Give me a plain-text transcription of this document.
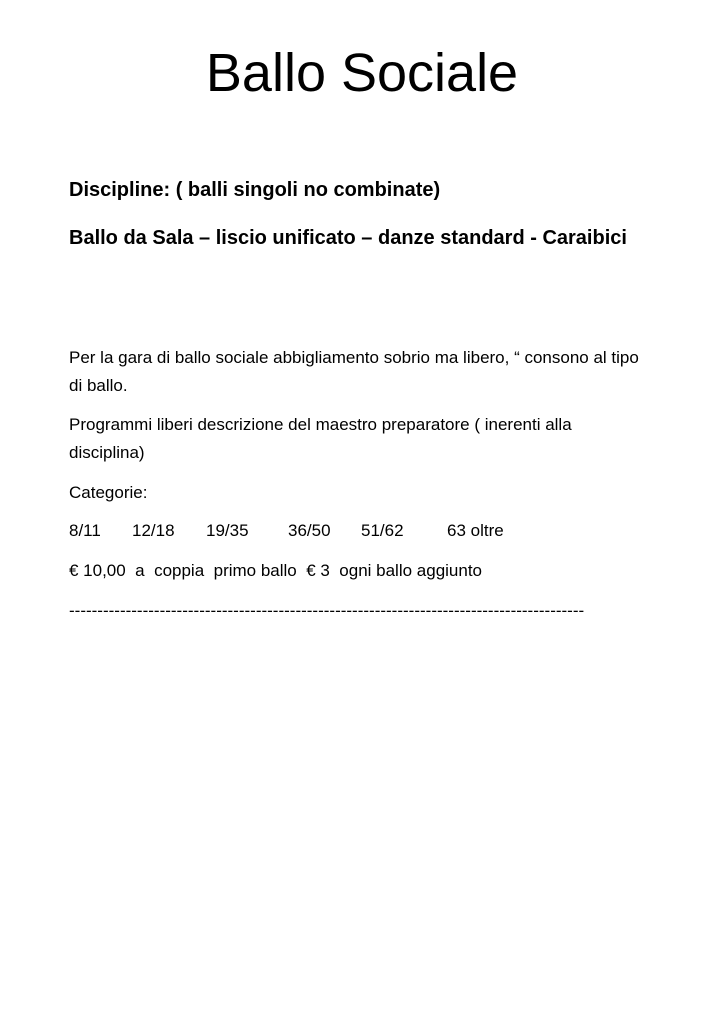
Ballo Sociale

Discipline: ( balli singoli no combinate)

Ballo da Sala – liscio unificato – danze standard - Caraibici

Per la gara di ballo sociale abbigliamento sobrio ma libero, “ consono al tipo di ballo.

Programmi liberi descrizione del maestro preparatore ( inerenti alla disciplina)

Categorie:

8/11 12/18 19/35 36/50 51/62	63 oltre

€ 10,00  a  coppia  primo ballo  € 3  ogni ballo aggiunto

-------------------------------------------------------------------------------------------
